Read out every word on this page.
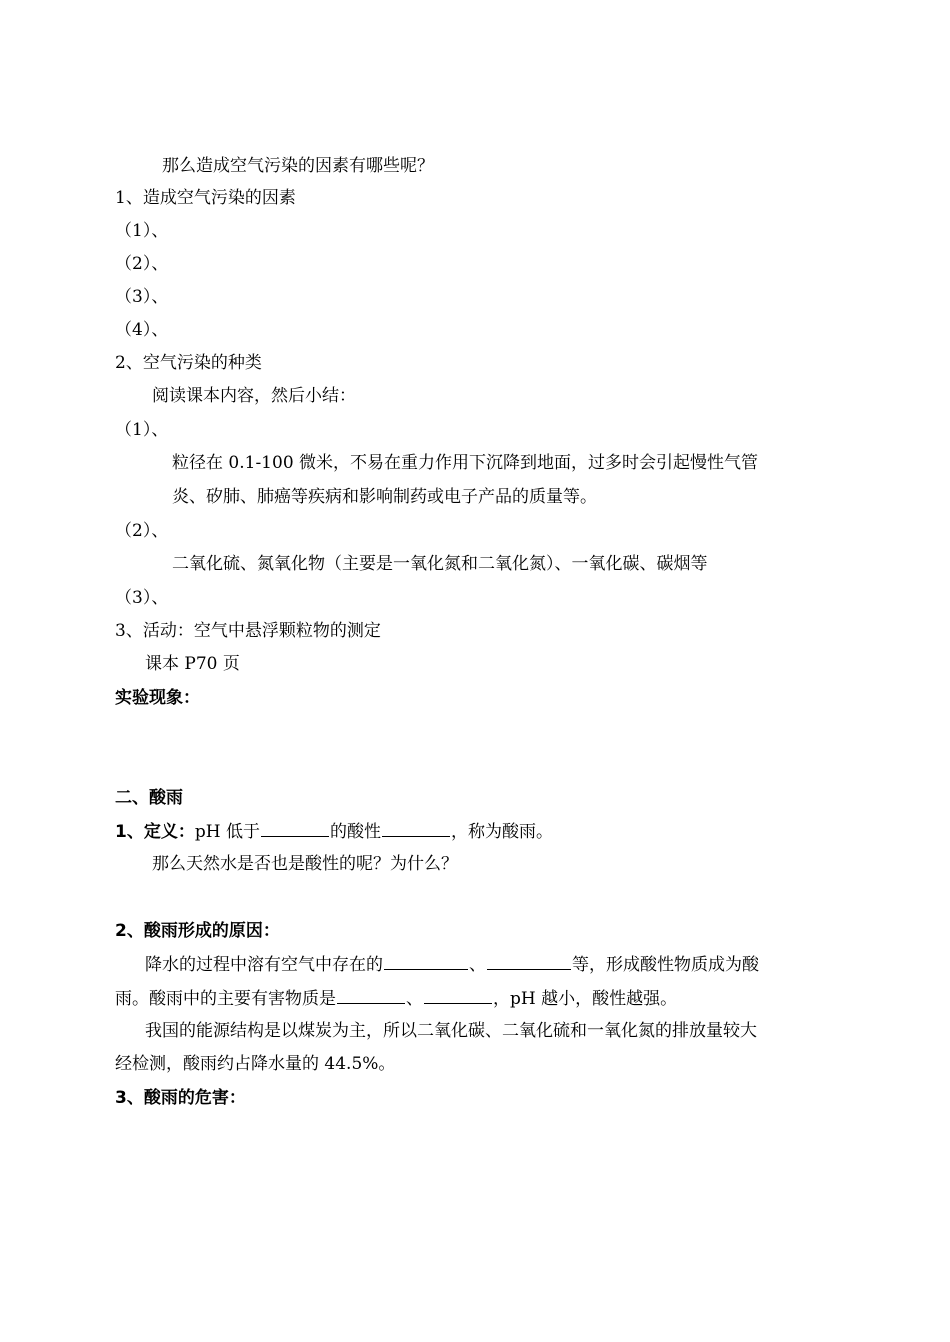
那么造成空气污染的因素有哪些呢？
1、造成空气污染的因素
（1）、
（2）、
（3）、
（4）、
2、空气污染的种类
阅读课本内容，然后小结：
（1）、
粒径在 0.1-100 微米，不易在重力作用下沉降到地面，过多时会引起慢性气管
炎、矽肺、肺癌等疾病和影响制药或电子产品的质量等。
（2）、
二氧化硫、氮氧化物（主要是一氧化氮和二氧化氮）、一氧化碳、碳烟等
（3）、
3、活动：空气中悬浮颗粒物的测定
课本 P70 页
实验现象：
二、酸雨
1、定义：pH 低于	的酸性	，称为酸雨。
那么天然水是否也是酸性的呢？为什么？
2、酸雨形成的原因：
降水的过程中溶有空气中存在的	、	等，形成酸性物质成为酸
雨。酸雨中的主要有害物质是	、	，pH 越小，酸性越强。
我国的能源结构是以煤炭为主，所以二氧化碳、二氧化硫和一氧化氮的排放量较大
经检测，酸雨约占降水量的 44.5%。
3、酸雨的危害：
